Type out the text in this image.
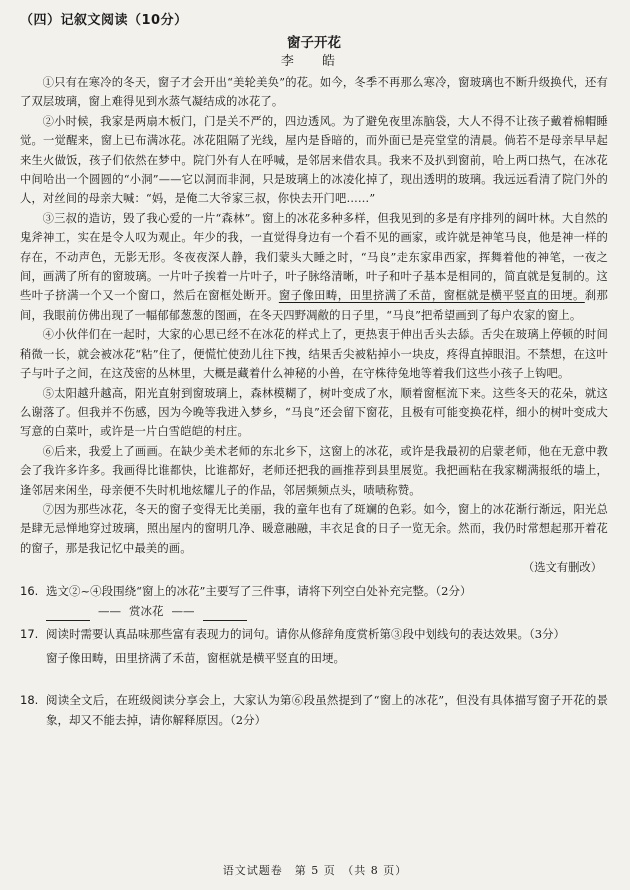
（四）记叙文阅读（10分）
窗子开花
李 皓

①只有在寒冷的冬天，窗子才会开出“美轮美奂”的花。如今，冬季不再那么寒冷，窗玻璃也不断升级换代，还有了双层玻璃，窗上难得见到水蒸气凝结成的冰花了。

②小时候，我家是两扇木板门，门是关不严的，四边透风。为了避免夜里冻脑袋，大人不得不让孩子戴着棉帽睡觉。一觉醒来，窗上已布满冰花。冰花阻隔了光线，屋内是昏暗的，而外面已是亮堂堂的清晨。倘若不是母亲早早起来生火做饭，孩子们依然在梦中。院门外有人在呼喊，是邻居来借农具。我来不及扒到窗前，哈上两口热气，在冰花中间哈出一个圆圆的“小洞”——它以洞而非洞，只是玻璃上的冰凌化掉了，现出透明的玻璃。我远远看清了院门外的人，对丝间的母亲大喊：“妈，是俺二大爷家三叔，你快去开门吧……”

③三叔的造访，毁了我心爱的一片“森林”。窗上的冰花多种多样，但我见到的多是有序排列的阔叶林。大自然的鬼斧神工，实在是令人叹为观止。年少的我，一直觉得身边有一个看不见的画家，或许就是神笔马良，他是神一样的存在，不动声色，无影无形。冬夜夜深人静，我们蒙头大睡之时，“马良”走东家串西家，挥舞着他的神笔，一夜之间，画满了所有的窗玻璃。一片叶子挨着一片叶子，叶子脉络清晰，叶子和叶子基本是相同的，简直就是复制的。这些叶子挤满一个又一个窗口，然后在窗框处断开。窗子像田畴，田里挤满了禾苗，窗框就是横平竖直的田埂。刹那间，我眼前仿佛出现了一幅郁郁葱葱的图画，在冬天四野凋敝的日子里，“马良”把希望画到了每户农家的窗上。

④小伙伴们在一起时，大家的心思已经不在冰花的样式上了，更热衷于伸出舌头去舔。舌尖在玻璃上停顿的时间稍微一长，就会被冰花“粘”住了，便慌忙使劲儿往下拽，结果舌尖被粘掉小一块皮，疼得直掉眼泪。不禁想，在这叶子与叶子之间，在这茂密的丛林里，大概是藏着什么神秘的小兽，在守株待兔地等着我们这些小孩子上钩吧。

⑤太阳越升越高，阳光直射到窗玻璃上，森林模糊了，树叶变成了水，顺着窗框流下来。这些冬天的花朵，就这么谢落了。但我并不伤感，因为今晚等我进入梦乡，“马良”还会留下窗花，且极有可能变换花样，细小的树叶变成大写意的白菜叶，或许是一片白雪皑皑的村庄。

⑥后来，我爱上了画画。在缺少美术老师的东北乡下，这窗上的冰花，或许是我最初的启蒙老师，他在无意中教会了我许多许多。我画得比谁都快，比谁都好，老师还把我的画推荐到县里展览。我把画粘在我家糊满报纸的墙上，逢邻居来闲坐，母亲便不失时机地炫耀儿子的作品，邻居频频点头，啧啧称赞。

⑦因为那些冰花，冬天的窗子变得无比美丽，我的童年也有了斑斓的色彩。如今，窗上的冰花渐行渐远，阳光总是肆无忌惮地穿过玻璃，照出屋内的窗明几净、暖意融融，丰衣足食的日子一览无余。然而，我仍时常想起那开着花的窗子，那是我记忆中最美的画。

（选文有删改）

16. 选文②~④段围绕“窗上的冰花”主要写了三件事，请将下列空白处补充完整。（2分）
—— 赏冰花 ——
17. 阅读时需要认真品味那些富有表现力的词句。请你从修辞角度赏析第③段中划线句的表达效果。（3分）
窗子像田畴，田里挤满了禾苗，窗框就是横平竖直的田埂。
18. 阅读全文后，在班级阅读分享会上，大家认为第⑥段虽然提到了“窗上的冰花”，但没有具体描写窗子开花的景象，却又不能去掉，请你解释原因。（2分）
语文试题卷　第 5 页　（共 8 页）
